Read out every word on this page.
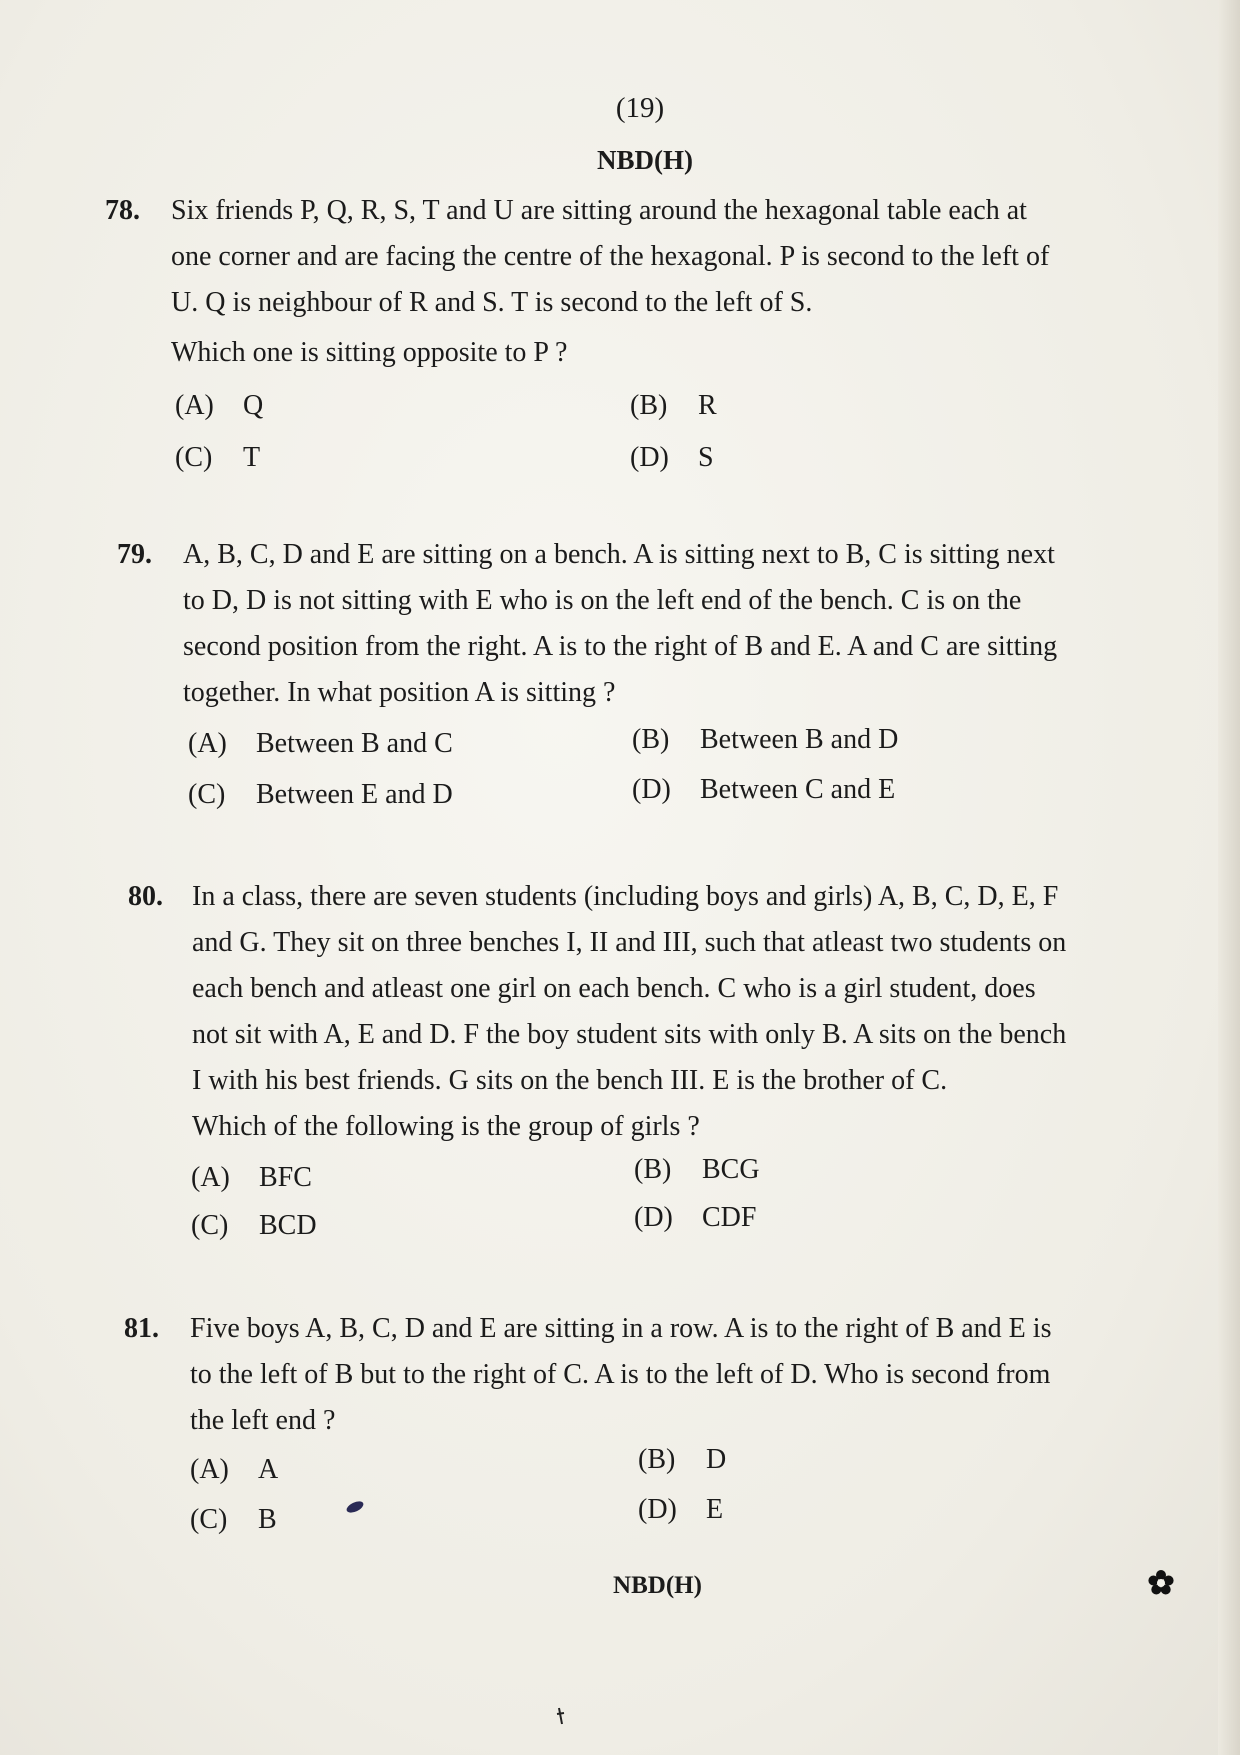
(19)
NBD(H)
78. Six friends P, Q, R, S, T and U are sitting around the hexagonal table each at

one corner and are facing the centre of the hexagonal. P is second to the left of

U. Q is neighbour of R and S. T is second to the left of S.

Which one is sitting opposite to P ?

(A) Q	(B) R
(C) T	(D) S
79. A, B, C, D and E are sitting on a bench. A is sitting next to B, C is sitting next

to D, D is not sitting with E who is on the left end of the bench. C is on the

second position from the right. A is to the right of B and E. A and C are sitting

together. In what position A is sitting ?

(A) Between B and C	(B) Between B and D
(C) Between E and D	(D) Between C and E
80. In a class, there are seven students (including boys and girls) A, B, C, D, E, F

and G. They sit on three benches I, II and III, such that atleast two students on

each bench and atleast one girl on each bench. C who is a girl student, does

not sit with A, E and D. F the boy student sits with only B. A sits on the bench

I with his best friends. G sits on the bench III. E is the brother of C.

Which of the following is the group of girls ?

(A) BFC	(B) BCG
(C) BCD	(D) CDF
81. Five boys A, B, C, D and E are sitting in a row. A is to the right of B and E is

to the left of B but to the right of C. A is to the left of D. Who is second from

the left end ?

(A) A	(B) D
(C) B	(D) E
NBD(H)
